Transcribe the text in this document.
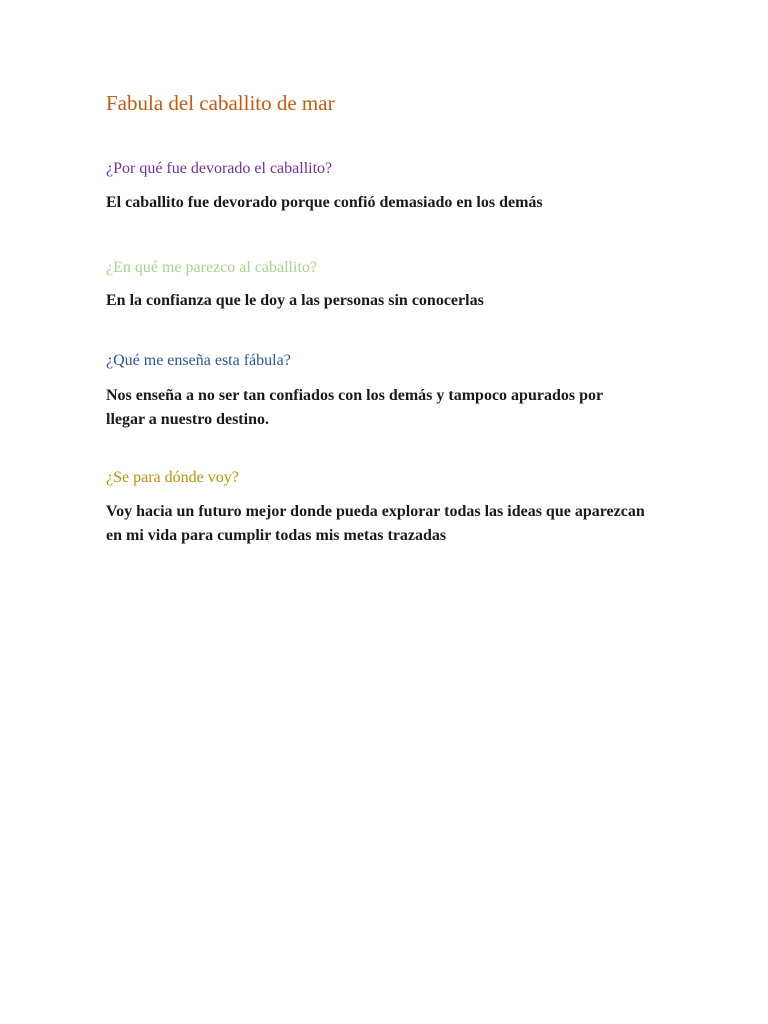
Fabula del caballito de mar
¿Por qué fue devorado el caballito?

El caballito fue devorado porque confió demasiado en los demás

¿En qué me parezco al caballito?

En la confianza que le doy a las personas sin conocerlas

¿Qué me enseña esta fábula?

Nos enseña a no ser tan confiados con los demás y tampoco apurados por
llegar a nuestro destino.

¿Se para dónde voy?

Voy hacia un futuro mejor donde pueda explorar todas las ideas que aparezcan
en mi vida para cumplir todas mis metas trazadas
